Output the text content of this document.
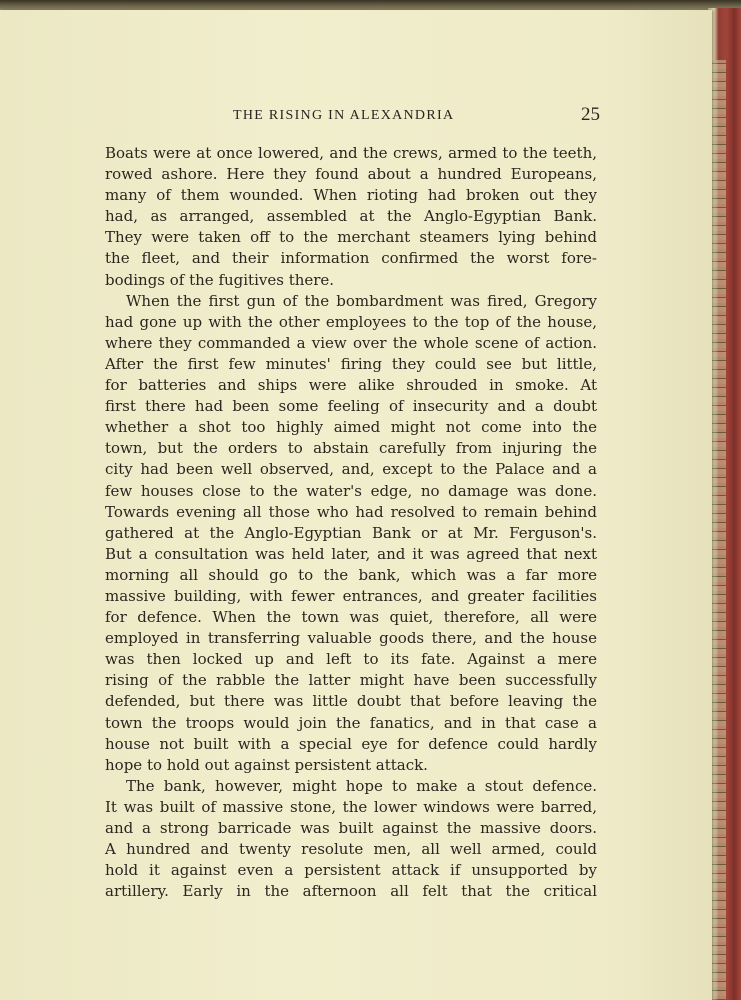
THE RISING IN ALEXANDRIA	25
Boats were at once lowered, and the crews, armed to the teeth,
rowed ashore. Here they found about a hundred Europeans,
many of them wounded. When rioting had broken out they
had, as arranged, assembled at the Anglo-Egyptian Bank.
They were taken off to the merchant steamers lying behind
the fleet, and their information confirmed the worst fore-
bodings of the fugitives there.
When the first gun of the bombardment was fired, Gregory
had gone up with the other employees to the top of the house,
where they commanded a view over the whole scene of action.
After the first few minutes' firing they could see but little,
for batteries and ships were alike shrouded in smoke. At
first there had been some feeling of insecurity and a doubt
whether a shot too highly aimed might not come into the
town, but the orders to abstain carefully from injuring the
city had been well observed, and, except to the Palace and a
few houses close to the water's edge, no damage was done.
Towards evening all those who had resolved to remain behind
gathered at the Anglo-Egyptian Bank or at Mr. Ferguson's.
But a consultation was held later, and it was agreed that next
morning all should go to the bank, which was a far more
massive building, with fewer entrances, and greater facilities
for defence. When the town was quiet, therefore, all were
employed in transferring valuable goods there, and the house
was then locked up and left to its fate. Against a mere
rising of the rabble the latter might have been successfully
defended, but there was little doubt that before leaving the
town the troops would join the fanatics, and in that case a
house not built with a special eye for defence could hardly
hope to hold out against persistent attack.
The bank, however, might hope to make a stout defence.
It was built of massive stone, the lower windows were barred,
and a strong barricade was built against the massive doors.
A hundred and twenty resolute men, all well armed, could
hold it against even a persistent attack if unsupported by
artillery. Early in the afternoon all felt that the critical
